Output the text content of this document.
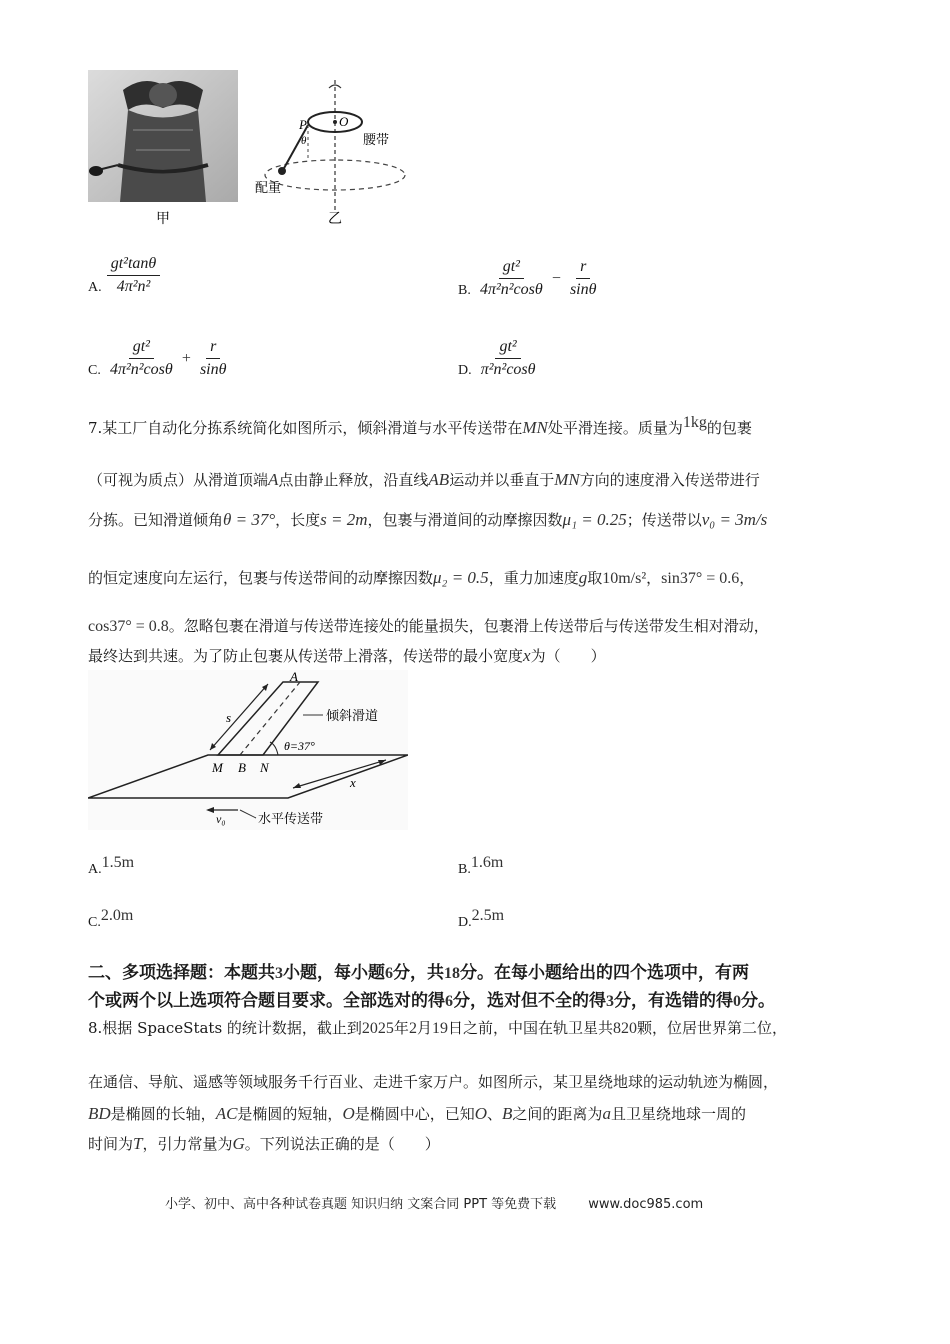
甲
P O
θ	腰带
配重
乙
A. $\frac{\text{gt²tanθ}}{\text{4π²n²}}$	B. $\frac{\text{gt²}}{\text{4π²n²cosθ}} - \frac{r}{\sin\theta}$
C. $\frac{\text{gt²}}{\text{4π²n²cosθ}} + \frac{r}{\sin\theta}$	D. $\frac{\text{gt²}}{\text{π²n²cosθ}}$
7.某工厂自动化分拣系统简化如图所示，倾斜滑道与水平传送带在MN处平滑连接。质量为1kg的包裹
（可视为质点）从滑道顶端A点由静止释放，沿直线AB运动并以垂直于MN方向的速度滑入传送带进行
分拣。已知滑道倾角θ = 37°，长度s = 2m，包裹与滑道间的动摩擦因数μ₁ = 0.25；传送带以v₀ = 3m/s
的恒定速度向左运行，包裹与传送带间的动摩擦因数μ₂ = 0.5，重力加速度g取10m/s²，sin37° = 0.6，
cos37° = 0.8。忽略包裹在滑道与传送带连接处的能量损失，包裹滑上传送带后与传送带发生相对滑动，
最终达到共速。为了防止包裹从传送带上滑落，传送带的最小宽度x为（　　）
A
s
M B N
倾斜滑道
θ=37°
x
v₀	水平传送带
A.1.5m	B.1.6m
C.2.0m	D.2.5m
二、多项选择题：本题共3小题，每小题6分，共18分。在每小题给出的四个选项中，有两
个或两个以上选项符合题目要求。全部选对的得6分，选对但不全的得3分，有选错的得0分。
8.根据 SpaceStats 的统计数据，截止到2025年2月19日之前，中国在轨卫星共820颗，位居世界第二位，
在通信、导航、遥感等领域服务千行百业、走进千家万户。如图所示，某卫星绕地球的运动轨迹为椭圆，
BD是椭圆的长轴，AC是椭圆的短轴，O是椭圆中心，已知O、B之间的距离为a且卫星绕地球一周的
时间为T，引力常量为G。下列说法正确的是（　　）
小学、初中、高中各种试卷真题 知识归纳 文案合同 PPT 等免费下载 www.doc985.com
